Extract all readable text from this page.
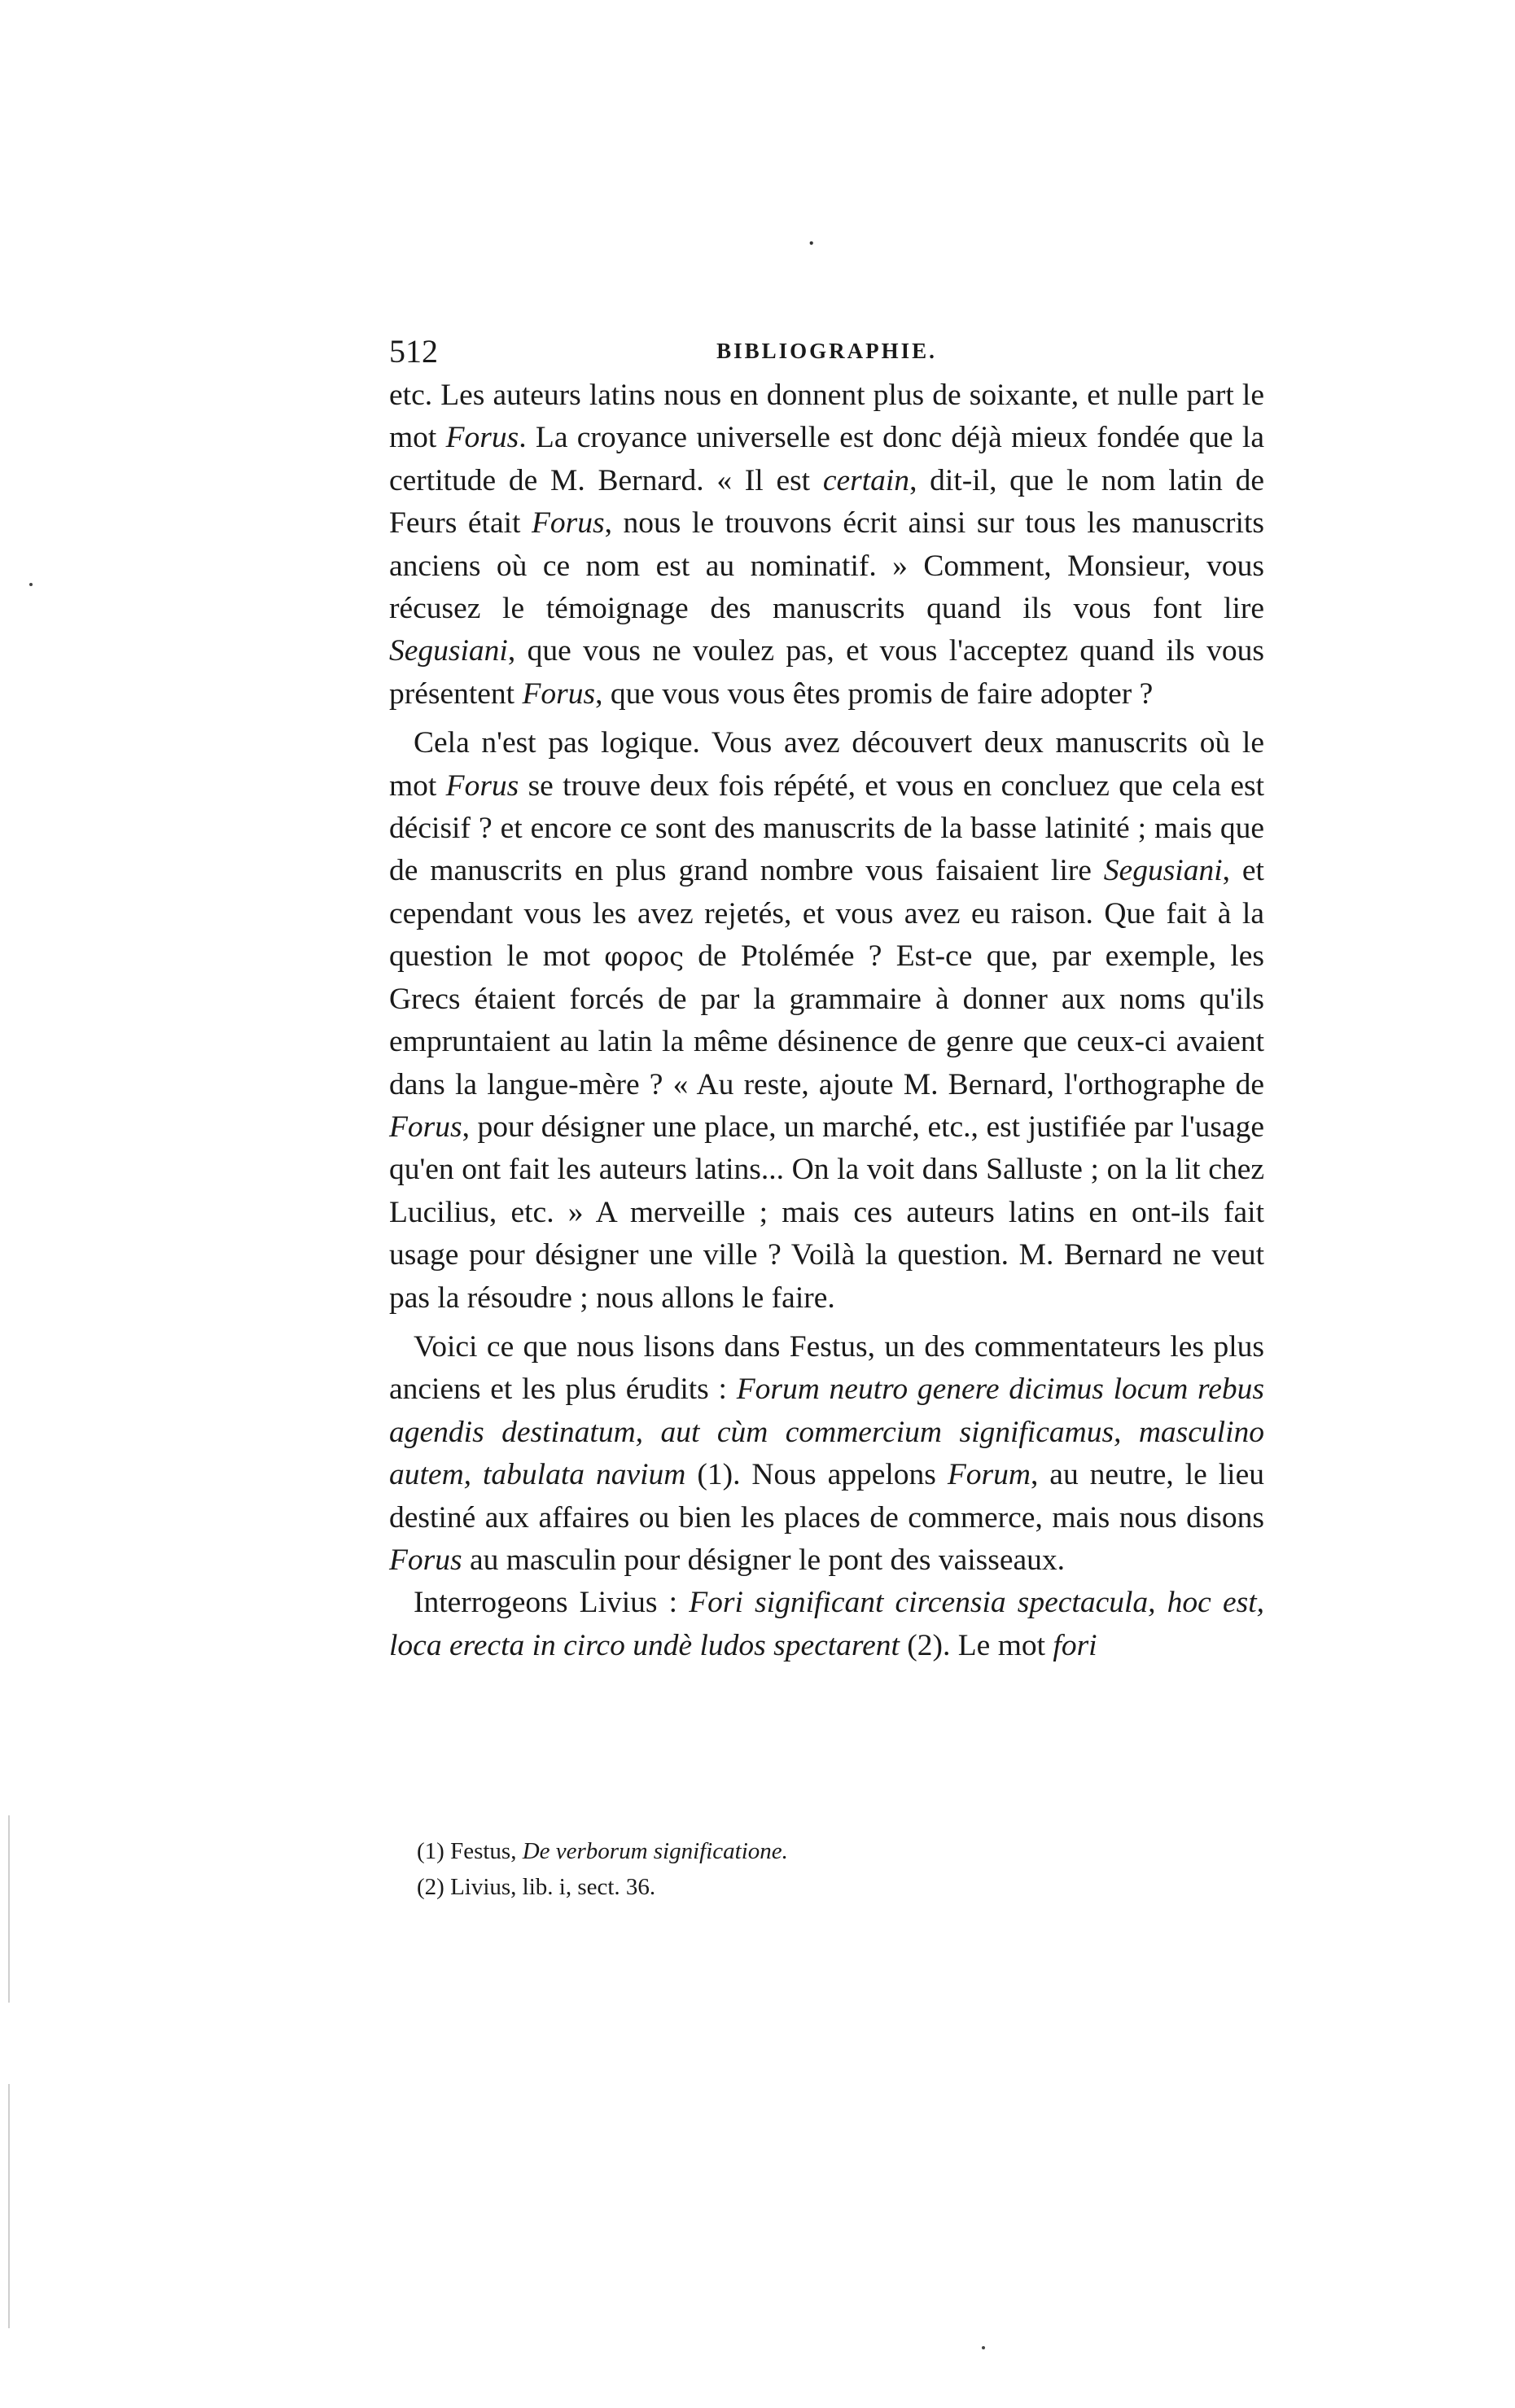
ꞏ
512	BIBLIOGRAPHIE.

etc. Les auteurs latins nous en donnent plus de soixante, et nulle part le mot Forus. La croyance universelle est donc déjà mieux fondée que la certitude de M. Bernard. « Il est certain, dit-il, que le nom latin de Feurs était Forus, nous le trouvons écrit ainsi sur tous les manuscrits anciens où ce nom est au nominatif. » Comment, Monsieur, vous récusez le témoignage des manuscrits quand ils vous font lire Segusiani, que vous ne voulez pas, et vous l'acceptez quand ils vous présentent Forus, que vous vous êtes promis de faire adopter ?

Cela n'est pas logique. Vous avez découvert deux manuscrits où le mot Forus se trouve deux fois répété, et vous en concluez que cela est décisif ? et encore ce sont des manuscrits de la basse latinité ; mais que de manuscrits en plus grand nombre vous faisaient lire Segusiani, et cependant vous les avez rejetés, et vous avez eu raison. Que fait à la question le mot φορος de Ptolémée ? Est-ce que, par exemple, les Grecs étaient forcés de par la grammaire à donner aux noms qu'ils empruntaient au latin la même désinence de genre que ceux-ci avaient dans la langue-mère ? « Au reste, ajoute M. Bernard, l'orthographe de Forus, pour désigner une place, un marché, etc., est justifiée par l'usage qu'en ont fait les auteurs latins... On la voit dans Salluste ; on la lit chez Lucilius, etc. » A merveille ; mais ces auteurs latins en ont-ils fait usage pour désigner une ville ? Voilà la question. M. Bernard ne veut pas la résoudre ; nous allons le faire.

Voici ce que nous lisons dans Festus, un des commentateurs les plus anciens et les plus érudits : Forum neutro genere dicimus locum rebus agendis destinatum, aut cùm commercium significamus, masculino autem, tabulata navium (1). Nous appelons Forum, au neutre, le lieu destiné aux affaires ou bien les places de commerce, mais nous disons Forus au masculin pour désigner le pont des vaisseaux.

Interrogeons Livius : Fori significant circensia spectacula, hoc est, loca erecta in circo undè ludos spectarent (2). Le mot fori

(1) Festus, De verborum significatione.

(2) Livius, lib. i, sect. 36.
